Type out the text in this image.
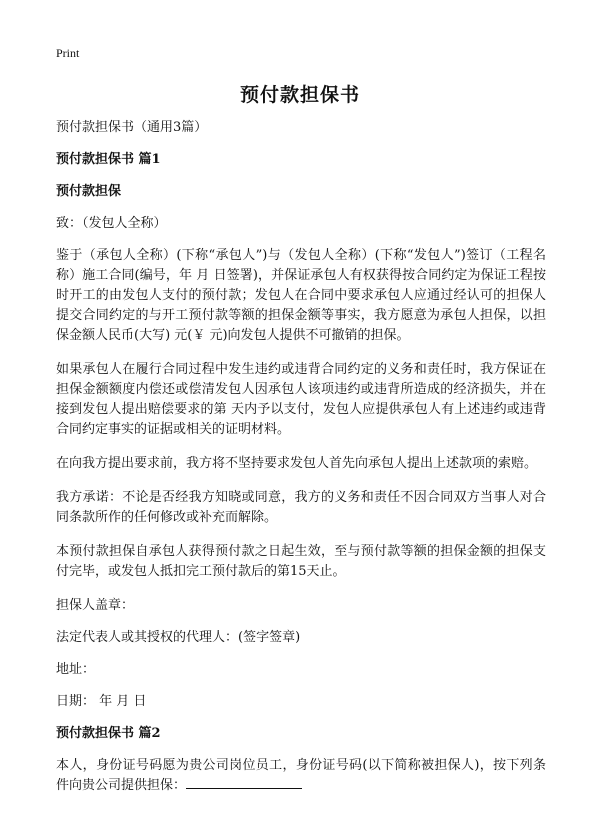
Print
预付款担保书

预付款担保书（通用3篇）

预付款担保书 篇1

预付款担保

致：（发包人全称）

鉴于（承包人全称）(下称“承包人”)与（发包人全称）(下称“发包人”)签订（工程名称）施工合同(编号，年 月 日签署)，并保证承包人有权获得按合同约定为保证工程按时开工的由发包人支付的预付款；发包人在合同中要求承包人应通过经认可的担保人提交合同约定的与开工预付款等额的担保金额等事实，我方愿意为承包人担保，以担保金额人民币(大写) 元(￥ 元)向发包人提供不可撤销的担保。

如果承包人在履行合同过程中发生违约或违背合同约定的义务和责任时，我方保证在担保金额额度内偿还或偿清发包人因承包人该项违约或违背所造成的经济损失，并在接到发包人提出赔偿要求的第 天内予以支付，发包人应提供承包人有上述违约或违背合同约定事实的证据或相关的证明材料。

在向我方提出要求前，我方将不坚持要求发包人首先向承包人提出上述款项的索赔。

我方承诺：不论是否经我方知晓或同意，我方的义务和责任不因合同双方当事人对合同条款所作的任何修改或补充而解除。

本预付款担保自承包人获得预付款之日起生效，至与预付款等额的担保金额的担保支付完毕，或发包人抵扣完工预付款后的第15天止。

担保人盖章：

法定代表人或其授权的代理人：(签字签章)

地址：

日期： 年 月 日

预付款担保书 篇2

本人，身份证号码愿为贵公司岗位员工，身份证号码(以下简称被担保人)，按下列条件向贵公司提供担保：
